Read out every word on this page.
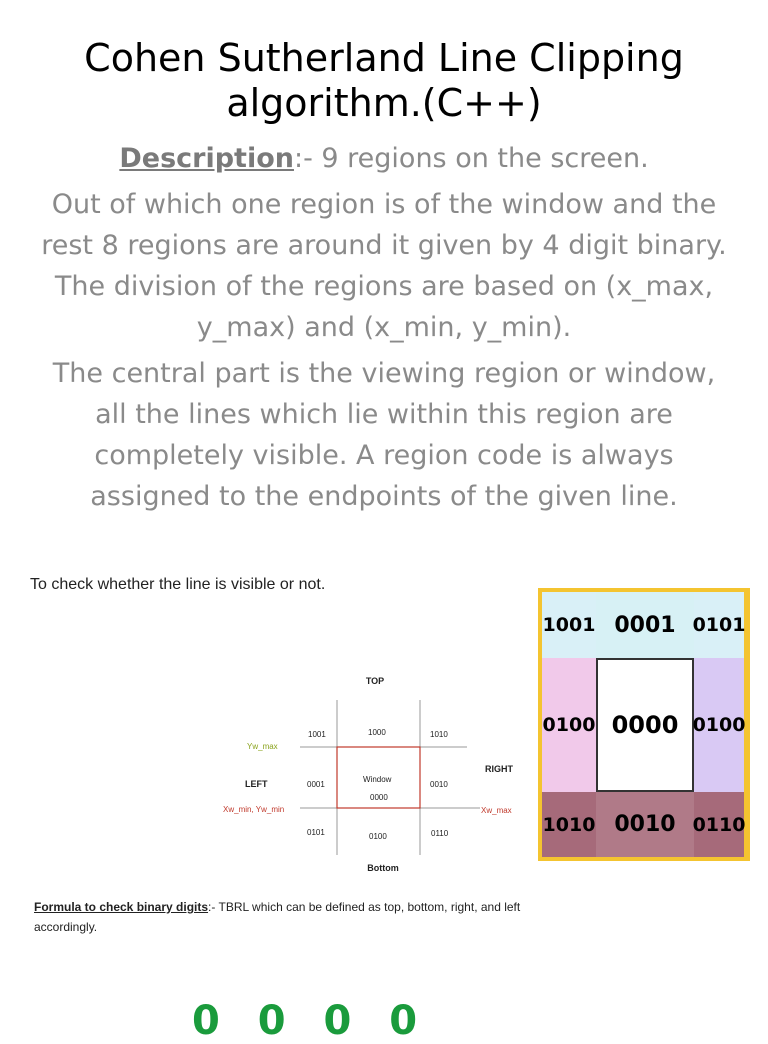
Cohen Sutherland Line Clipping
algorithm.(C++)

Description:- 9 regions on the screen.

Out of which one region is of the window and the rest 8 regions are around it given by 4 digit binary. The division of the regions are based on (x_max, y_max) and (x_min, y_min).

The central part is the viewing region or window, all the lines which lie within this region are completely visible. A region code is always assigned to the endpoints of the given line.

To check whether the line is visible or not.
TOP
Bottom
LEFT
RIGHT
Yw_max
Xw_min, Yw_min	Xw_max
1001	1000	1010
0001
Window
0000
0010
0101	0100	0110
Formula to check binary digits:- TBRL which can be defined as top, bottom, right, and left accordingly.
1001 0001 0101
0100 0000 0100
1010 0010 0110
0 0 0 0
